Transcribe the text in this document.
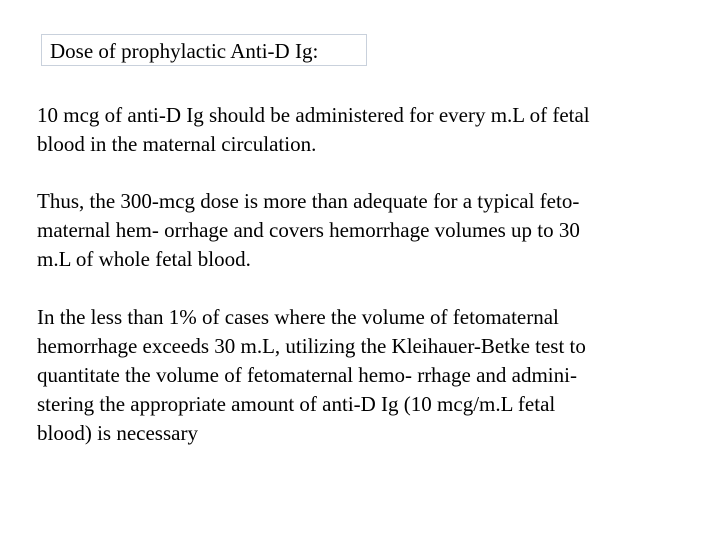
Dose of prophylactic Anti-D Ig:

10 mcg of anti-D Ig should be administered for every m.L of fetal
blood in the maternal circulation.

Thus, the 300-mcg dose is more than adequate for a typical feto-
maternal hem- orrhage and covers hemorrhage volumes up to 30
m.L of whole fetal blood.

In the less than 1% of cases where the volume of fetomaternal
hemorrhage exceeds 30 m.L, utilizing the Kleihauer-Betke test to
quantitate the volume of fetomaternal hemo- rrhage and admini-
stering the appropriate amount of anti-D Ig (10 mcg/m.L fetal
blood) is necessary
